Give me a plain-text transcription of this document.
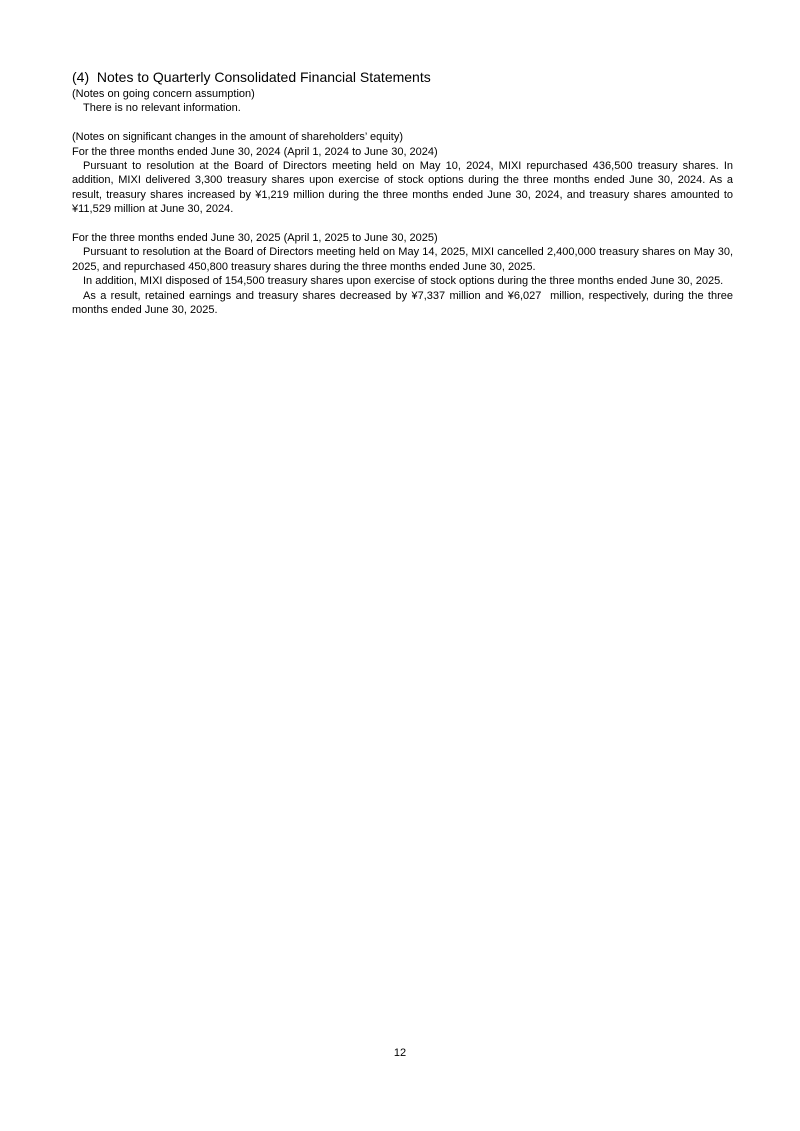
(4)  Notes to Quarterly Consolidated Financial Statements

(Notes on going concern assumption)

There is no relevant information.

(Notes on significant changes in the amount of shareholders’ equity)

For the three months ended June 30, 2024 (April 1, 2024 to June 30, 2024)

Pursuant to resolution at the Board of Directors meeting held on May 10, 2024, MIXI repurchased 436,500 treasury shares. In addition, MIXI delivered 3,300 treasury shares upon exercise of stock options during the three months ended June 30, 2024. As a result, treasury shares increased by ¥1,219 million during the three months ended June 30, 2024, and treasury shares amounted to ¥11,529 million at June 30, 2024.

For the three months ended June 30, 2025 (April 1, 2025 to June 30, 2025)

Pursuant to resolution at the Board of Directors meeting held on May 14, 2025, MIXI cancelled 2,400,000 treasury shares on May 30, 2025, and repurchased 450,800 treasury shares during the three months ended June 30, 2025.

In addition, MIXI disposed of 154,500 treasury shares upon exercise of stock options during the three months ended June 30, 2025.

As a result, retained earnings and treasury shares decreased by ¥7,337 million and ¥6,027  million, respectively, during the three months ended June 30, 2025.

12
